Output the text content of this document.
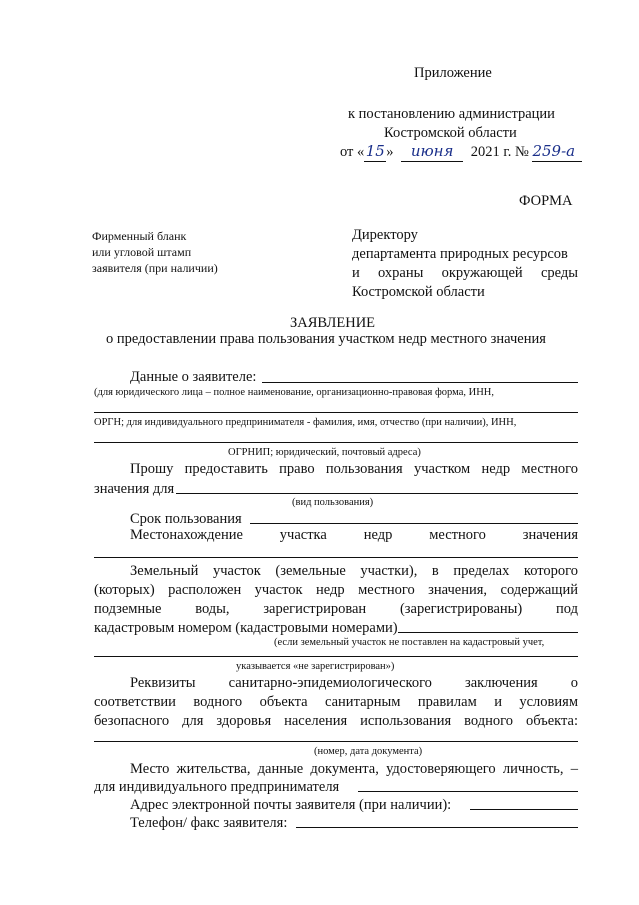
Приложение
к постановлению администрации
Костромской области
от «15» июня 2021 г. № 259-а
ФОРМА
Фирменный бланк
или угловой штамп
заявителя (при наличии)
Директору
департамента природных ресурсов
и охраны окружающей среды
Костромской области
ЗАЯВЛЕНИЕ
о предоставлении права пользования участком недр местного значения
Данные о заявителе:
(для юридического лица – полное наименование, организационно-правовая форма, ИНН,
ОРГН; для индивидуального предпринимателя - фамилия, имя, отчество (при наличии), ИНН,
ОГРНИП; юридический, почтовый адреса)
Прошу предоставить право пользования участком недр местного
значения для
(вид пользования)
Срок пользования
Местонахождение участка недр местного значения
Земельный участок (земельные участки), в пределах которого
(которых) расположен участок недр местного значения, содержащий
подземные воды, зарегистрирован (зарегистрированы) под
кадастровым номером (кадастровыми номерами)
(если земельный участок не поставлен на кадастровый учет,
указывается «не зарегистрирован»)
Реквизиты санитарно-эпидемиологического заключения о
соответствии водного объекта санитарным правилам и условиям
безопасного для здоровья населения использования водного объекта:
(номер, дата документа)
Место жительства, данные документа, удостоверяющего личность, –
для индивидуального предпринимателя
Адрес электронной почты заявителя (при наличии):
Телефон/ факс заявителя:
